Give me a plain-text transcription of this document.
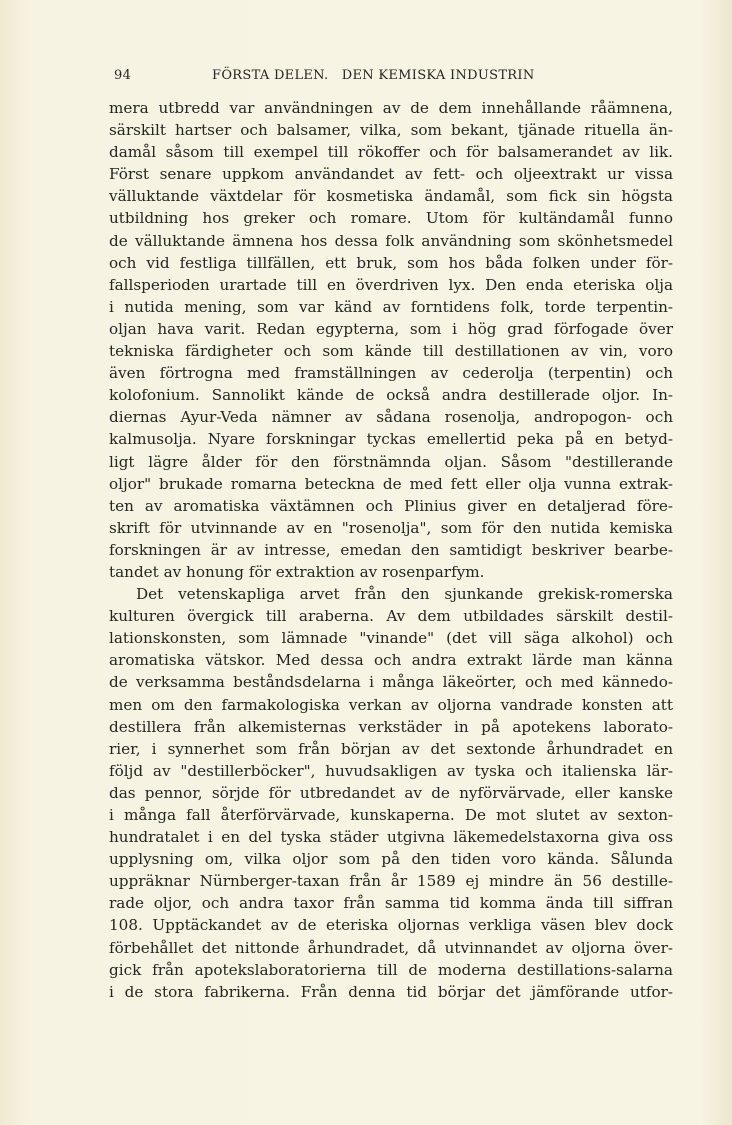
94	FÖRSTA DELEN.   DEN KEMISKA INDUSTRIN
mera utbredd var användningen av de dem innehållande råämnena,
särskilt hartser och balsamer, vilka, som bekant, tjänade rituella än-
damål såsom till exempel till rökoffer och för balsamerandet av lik.
Först senare uppkom användandet av fett- och oljeextrakt ur vissa
välluktande växtdelar för kosmetiska ändamål, som fick sin högsta
utbildning hos greker och romare. Utom för kultändamål funno
de välluktande ämnena hos dessa folk användning som skönhetsmedel
och vid festliga tillfällen, ett bruk, som hos båda folken under för-
fallsperioden urartade till en överdriven lyx. Den enda eteriska olja
i nutida mening, som var känd av forntidens folk, torde terpentin-
oljan hava varit. Redan egypterna, som i hög grad förfogade över
tekniska färdigheter och som kände till destillationen av vin, voro
även förtrogna med framställningen av cederolja (terpentin) och
kolofonium. Sannolikt kände de också andra destillerade oljor. In-
diernas Ayur-Veda nämner av sådana rosenolja, andropogon- och
kalmusolja. Nyare forskningar tyckas emellertid peka på en betyd-
ligt lägre ålder för den förstnämnda oljan. Såsom "destillerande
oljor" brukade romarna beteckna de med fett eller olja vunna extrak-
ten av aromatiska växtämnen och Plinius giver en detaljerad före-
skrift för utvinnande av en "rosenolja", som för den nutida kemiska
forskningen är av intresse, emedan den samtidigt beskriver bearbe-
tandet av honung för extraktion av rosenparfym.
Det vetenskapliga arvet från den sjunkande grekisk-romerska
kulturen övergick till araberna. Av dem utbildades särskilt destil-
lationskonsten, som lämnade "vinande" (det vill säga alkohol) och
aromatiska vätskor. Med dessa och andra extrakt lärde man känna
de verksamma beståndsdelarna i många läkeörter, och med kännedo-
men om den farmakologiska verkan av oljorna vandrade konsten att
destillera från alkemisternas verkstäder in på apotekens laborato-
rier, i synnerhet som från början av det sextonde århundradet en
följd av "destillerböcker", huvudsakligen av tyska och italienska lär-
das pennor, sörjde för utbredandet av de nyförvärvade, eller kanske
i många fall återförvärvade, kunskaperna. De mot slutet av sexton-
hundratalet i en del tyska städer utgivna läkemedelstaxorna giva oss
upplysning om, vilka oljor som på den tiden voro kända. Sålunda
uppräknar Nürnberger-taxan från år 1589 ej mindre än 56 destille-
rade oljor, och andra taxor från samma tid komma ända till siffran
108. Upptäckandet av de eteriska oljornas verkliga väsen blev dock
förbehållet det nittonde århundradet, då utvinnandet av oljorna över-
gick från apotekslaboratorierna till de moderna destillations-salarna
i de stora fabrikerna. Från denna tid börjar det jämförande utfor-
